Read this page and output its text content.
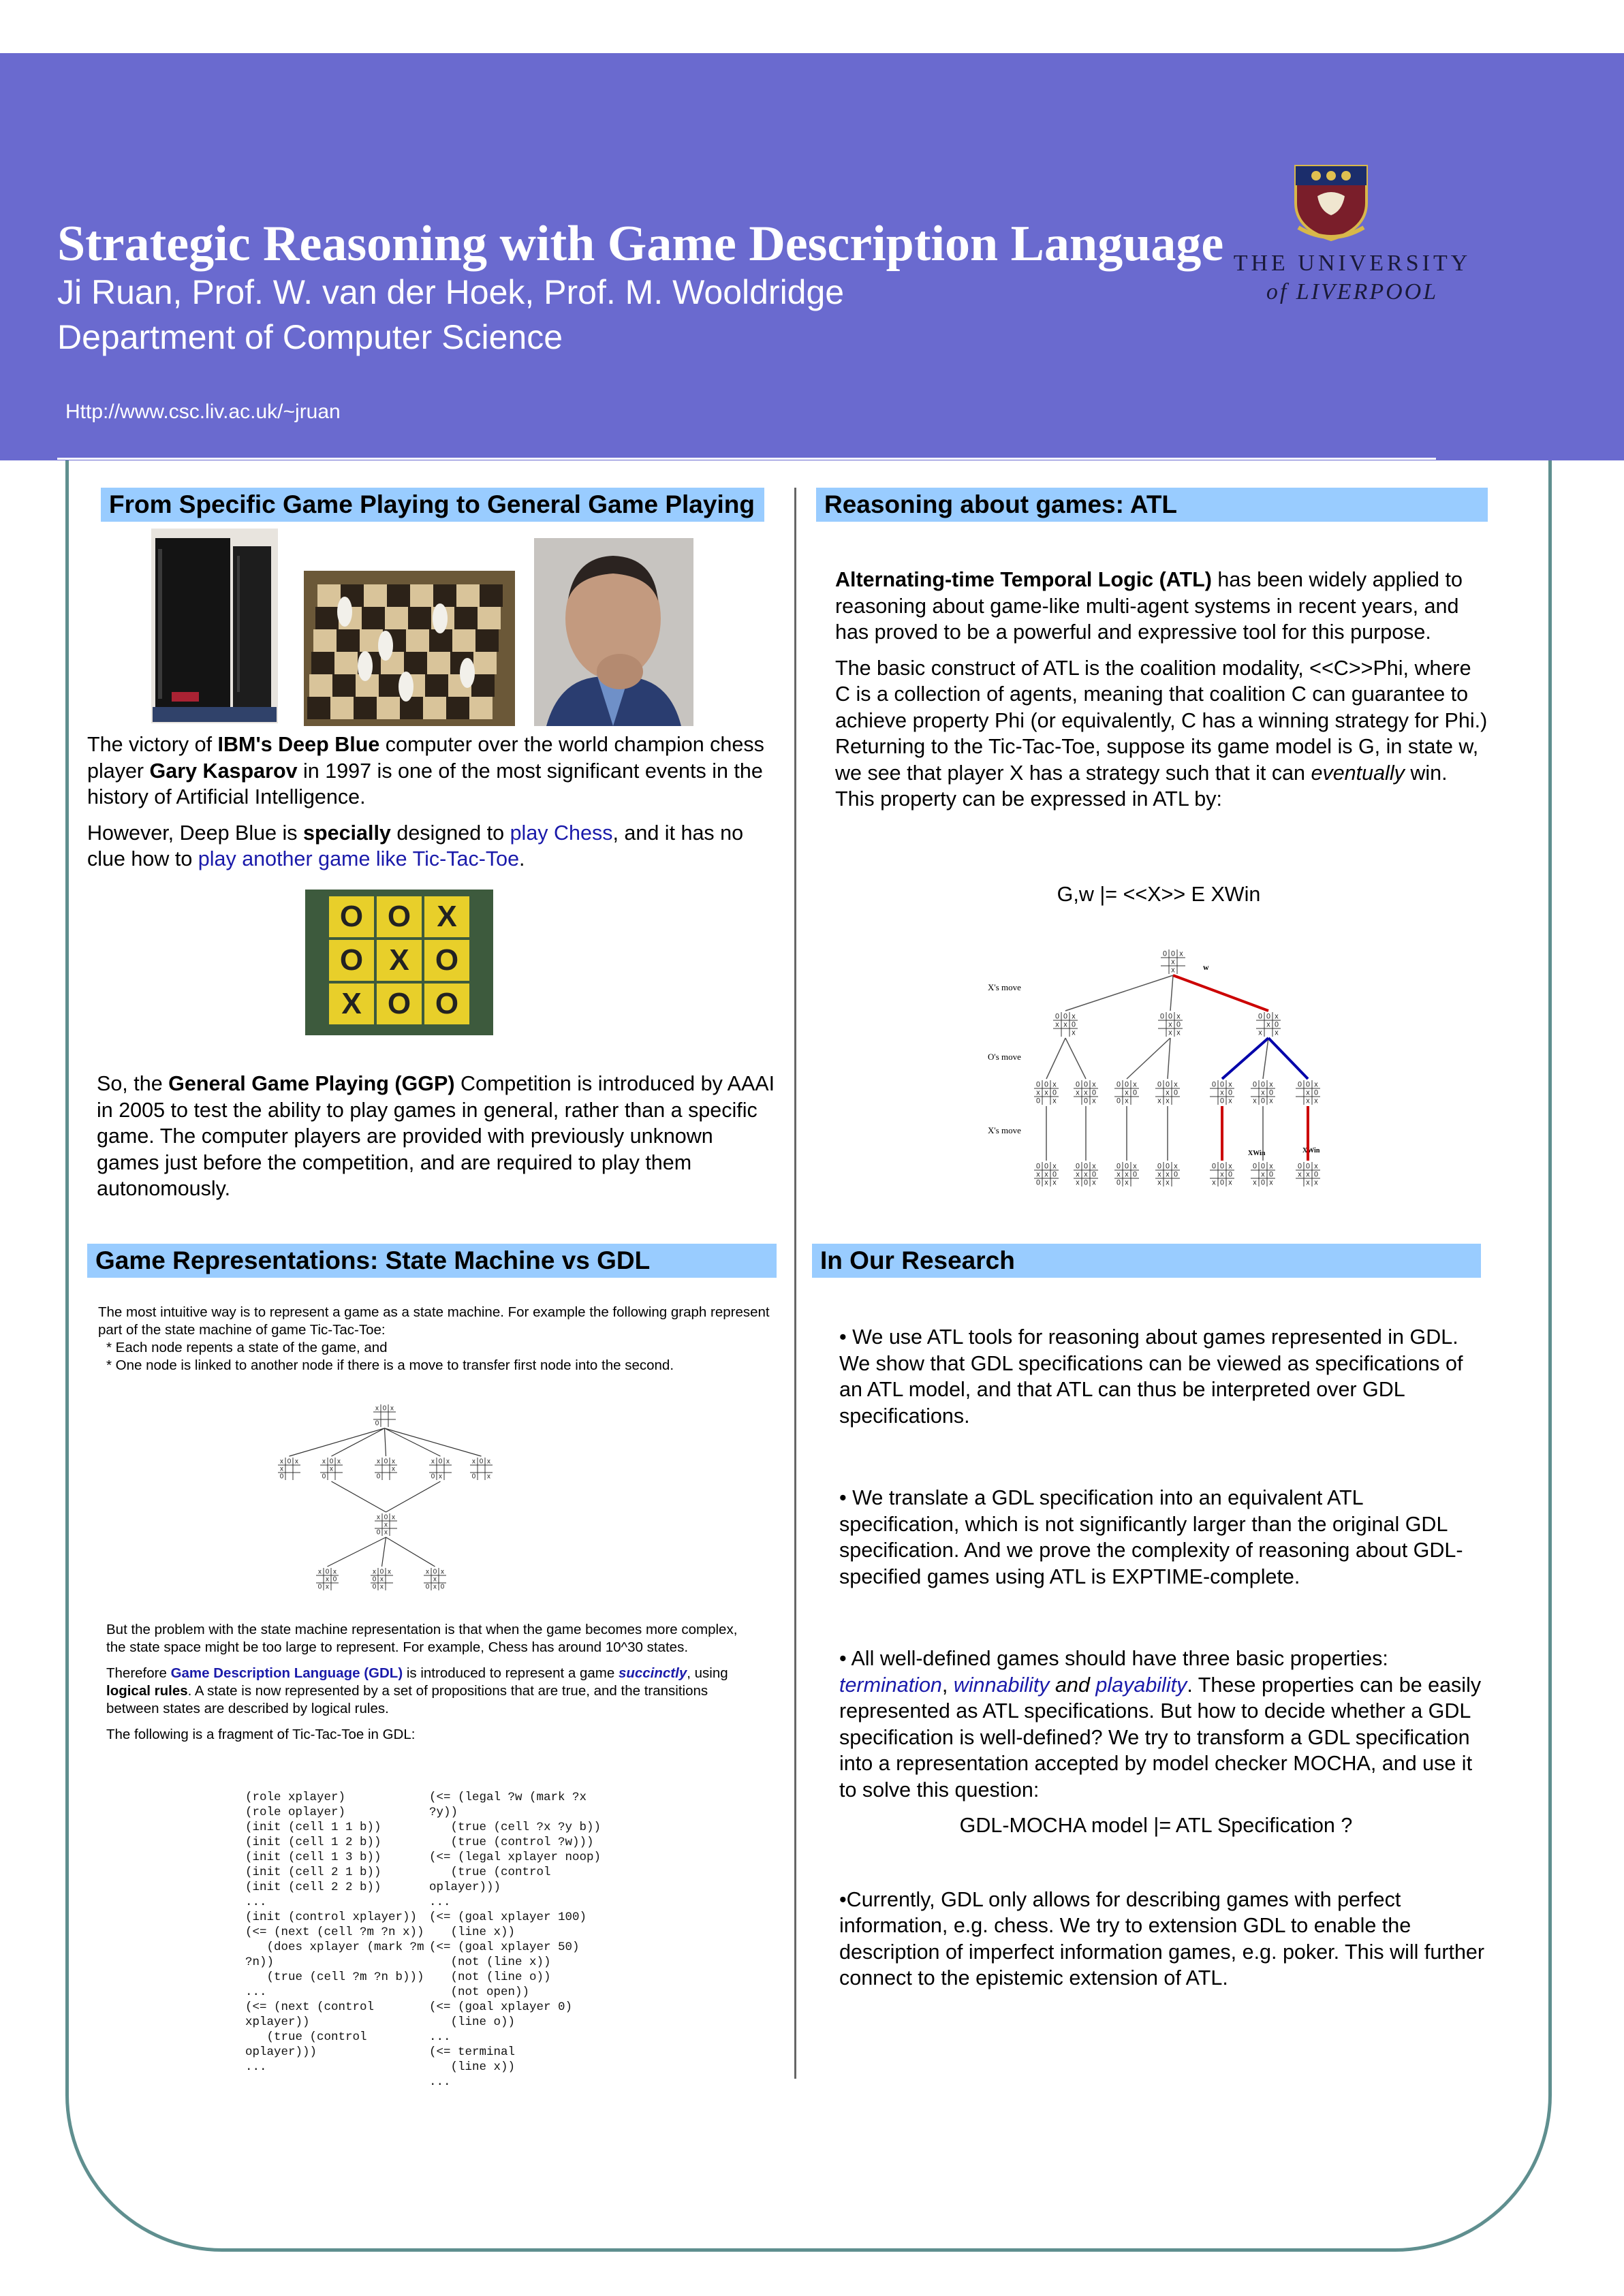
Strategic Reasoning with Game Description Language
Ji Ruan, Prof. W. van der Hoek, Prof. M. Wooldridge
Department of Computer Science
Http://www.csc.liv.ac.uk/~jruan
THE UNIVERSITY
of LIVERPOOL
From Specific Game Playing to General Game Playing

The victory of IBM's Deep Blue computer over the world champion chess player Gary Kasparov in 1997 is one of the most significant events in the history of Artificial Intelligence.

However, Deep Blue is specially designed to play Chess, and it has no clue how to play another game like Tic-Tac-Toe.

O O X
O X O
X O O

So, the General Game Playing (GGP) Competition is introduced by AAAI in 2005 to test the ability to play games in general, rather than a specific game. The computer players are provided with previously unknown games just before the competition, and are required to play them autonomously.

Reasoning about games: ATL

Alternating-time Temporal Logic (ATL) has been widely applied to reasoning about game-like multi-agent systems in recent years, and has proved to be a powerful and expressive tool for this purpose.

The basic construct of ATL is the coalition modality, <<C>>Phi, where C is a collection of agents, meaning that coalition C can guarantee to achieve property Phi (or equivalently, C has a winning strategy for Phi.) Returning to the Tic-Tac-Toe, suppose its game model is G, in state w, we see that player X has a strategy such that it can eventually win. This property can be expressed in ATL by:

G,w |= <<X>> E XWin
X's move
O's move
X's move
w
XWin	XWin
0 0 x
x
x
0 0 x
x x 0
x
0 0 x
x 0
x x
0 0 x
x 0
x x
0 0 x
x x 0
0 x
0 0 x
x x 0
0 x
0 0 x
x 0
0 x
0 0 x
x 0
x x
0 0 x
x 0
0 x
0 0 x
x 0
x 0 x
0 0 x
x 0
x x
0 0 x
x x 0
0 x x
0 0 x
x x 0
x 0 x
0 0 x
x x 0
0 x
0 0 x
x x 0
x x
0 0 x
x 0
x 0 x
0 0 x
x 0
x 0 x
0 0 x
x x 0
x x
Game Representations: State Machine vs GDL
The most intuitive way is to represent a game as a state machine. For example the following graph represent part of the state machine of game Tic-Tac-Toe:
* Each node repents a state of the game, and
* One node is linked to another node if there is a move to transfer first node into the second.
x 0 x
0
x 0 x
x
0
x 0 x
x
0
x 0 x
x
0
x 0 x
0 x
x 0 x
0 x
x 0 x
x
0 x
x 0 x
x 0
0 x
x 0 x
0 x
0 x
x 0 x
x
0 x 0

But the problem with the state machine representation is that when the game becomes more complex, the state space might be too large to represent. For example, Chess has around 10^30 states.

Therefore Game Description Language (GDL) is introduced to represent a game succinctly, using logical rules. A state is now represented by a set of propositions that are true, and the transitions between states are described by logical rules.

The following is a fragment of Tic-Tac-Toe in GDL:

(role xplayer)
(role oplayer)
(init (cell 1 1 b))
(init (cell 1 2 b))
(init (cell 1 3 b))
(init (cell 2 1 b))
(init (cell 2 2 b))
...
(init (control xplayer))
(<= (next (cell ?m ?n x))
(does xplayer (mark ?m
?n))
(true (cell ?m ?n b)))
...
(<= (next (control
xplayer))
(true (control
oplayer)))
...
(<= (legal ?w (mark ?x
?y))
(true (cell ?x ?y b))
(true (control ?w)))
(<= (legal xplayer noop)
(true (control
oplayer)))
...
(<= (goal xplayer 100)
(line x))
(<= (goal xplayer 50)
(not (line x))
(not (line o))
(not open))
(<= (goal xplayer 0)
(line o))
...
(<= terminal
(line x))
...
In Our Research

• We use ATL tools for reasoning about games represented in GDL. We show that GDL specifications can be viewed as specifications of an ATL model, and that ATL can thus be interpreted over GDL specifications.

• We translate a GDL specification into an equivalent ATL specification, which is not significantly larger than the original GDL specification. And we prove the complexity of reasoning about GDL-specified games using ATL is EXPTIME-complete.

• All well-defined games should have three basic properties: termination, winnability and playability. These properties can be easily represented as ATL specifications. But how to decide whether a GDL specification is well-defined? We try to transform a GDL specification into a representation accepted by model checker MOCHA, and use it to solve this question:

GDL-MOCHA model |= ATL Specification ?

•Currently, GDL only allows for describing games with perfect information, e.g. chess. We try to extension GDL to enable the description of imperfect information games, e.g. poker. This will further connect to the epistemic extension of ATL.
